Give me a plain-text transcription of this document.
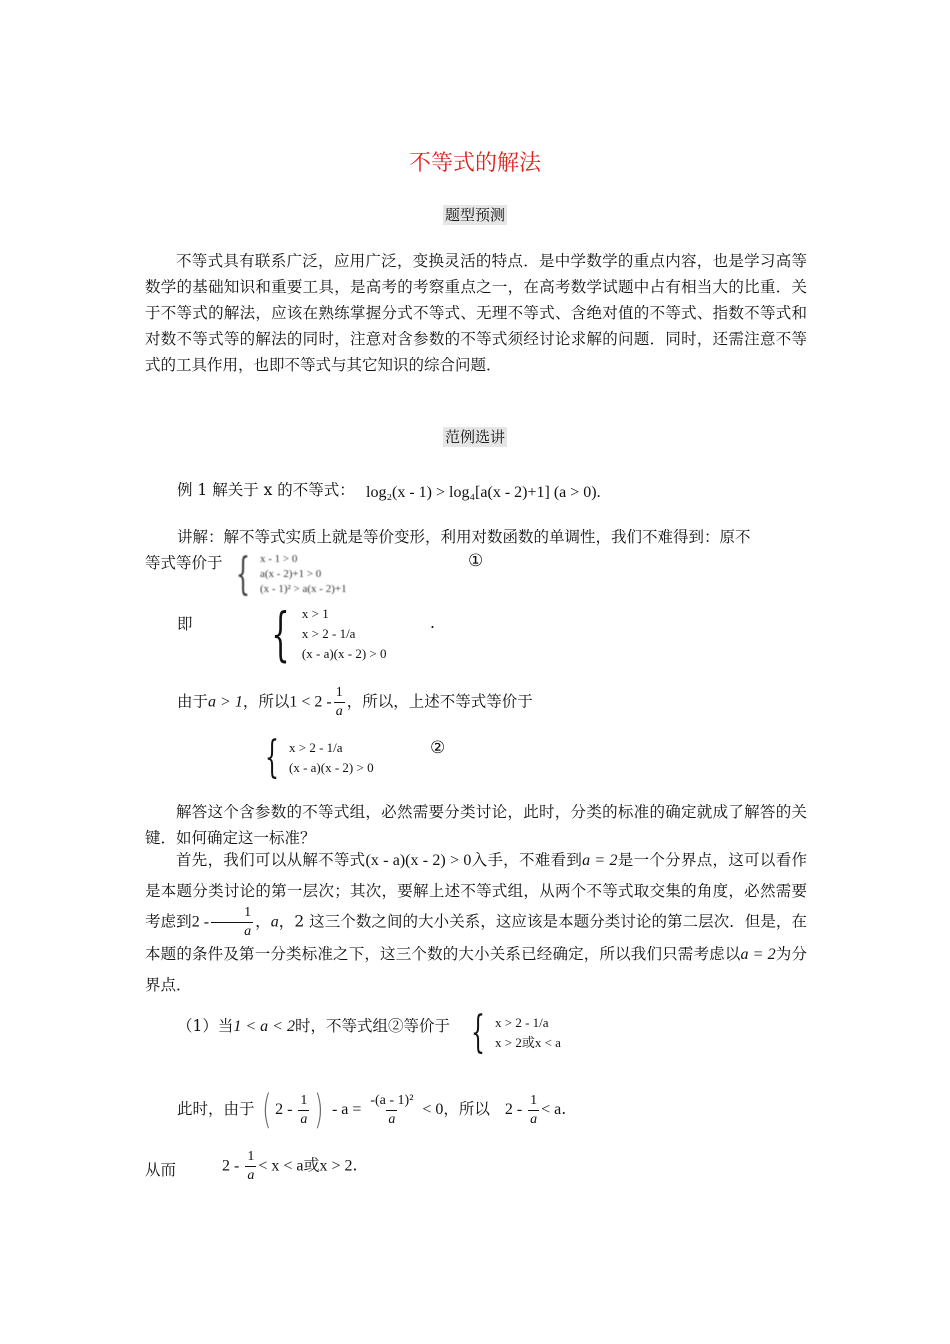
不等式的解法
题型预测
不等式具有联系广泛，应用广泛，变换灵活的特点．是中学数学的重点内容，也是学习高等数学的基础知识和重要工具，是高考的考察重点之一，在高考数学试题中占有相当大的比重．关于不等式的解法，应该在熟练掌握分式不等式、无理不等式、含绝对值的不等式、指数不等式和对数不等式等的解法的同时，注意对含参数的不等式须经讨论求解的问题．同时，还需注意不等式的工具作用，也即不等式与其它知识的综合问题．
范例选讲
例 1 解关于 x 的不等式： log₂(x - 1) > log₄[a(x - 2)+1] (a > 0).
讲解：解不等式实质上就是等价变形，利用对数函数的单调性，我们不难得到：原不
等式等价于 { x - 1 > 0
a(x - 2)+1 > 0
(x - 1)² > a(x - 2)+1
①
即 { x > 1
x > 2 - 1/a
(x - a)(x - 2) > 0
.
由于a > 1，所以$1 < 2 - \frac{1}{a}$ ，所以，上述不等式等价于
{ x > 2 - 1/a
(x - a)(x - 2) > 0
②
解答这个含参数的不等式组，必然需要分类讨论，此时，分类的标准的确定就成了解答的关键．如何确定这一标准？
首先，我们可以从解不等式(x - a)(x - 2) > 0入手，不难看到a = 2是一个分界点，这可以看作是本题分类讨论的第一层次；其次，要解上述不等式组，从两个不等式取交集的角度，必然需要考虑到$2 - \frac{1}{a}$ ，a，2 这三个数之间的大小关系，这应该是本题分类讨论的第二层次．但是，在本题的条件及第一分类标准之下，这三个数的大小关系已经确定，所以我们只需考虑以a = 2为分界点．
（1）当1 < a < 2时，不等式组②等价于 { x > 2 - 1/a
x > 2或x < a
此时，由于 ( $2 - \frac{1}{a}$ ) - $a = \frac{\text{-(a - 1)²}}{a} < 0$，所以 $2 - \frac{1}{a} < a$.
从而	$2 - \frac{1}{a} < x < a$或x > 2.
